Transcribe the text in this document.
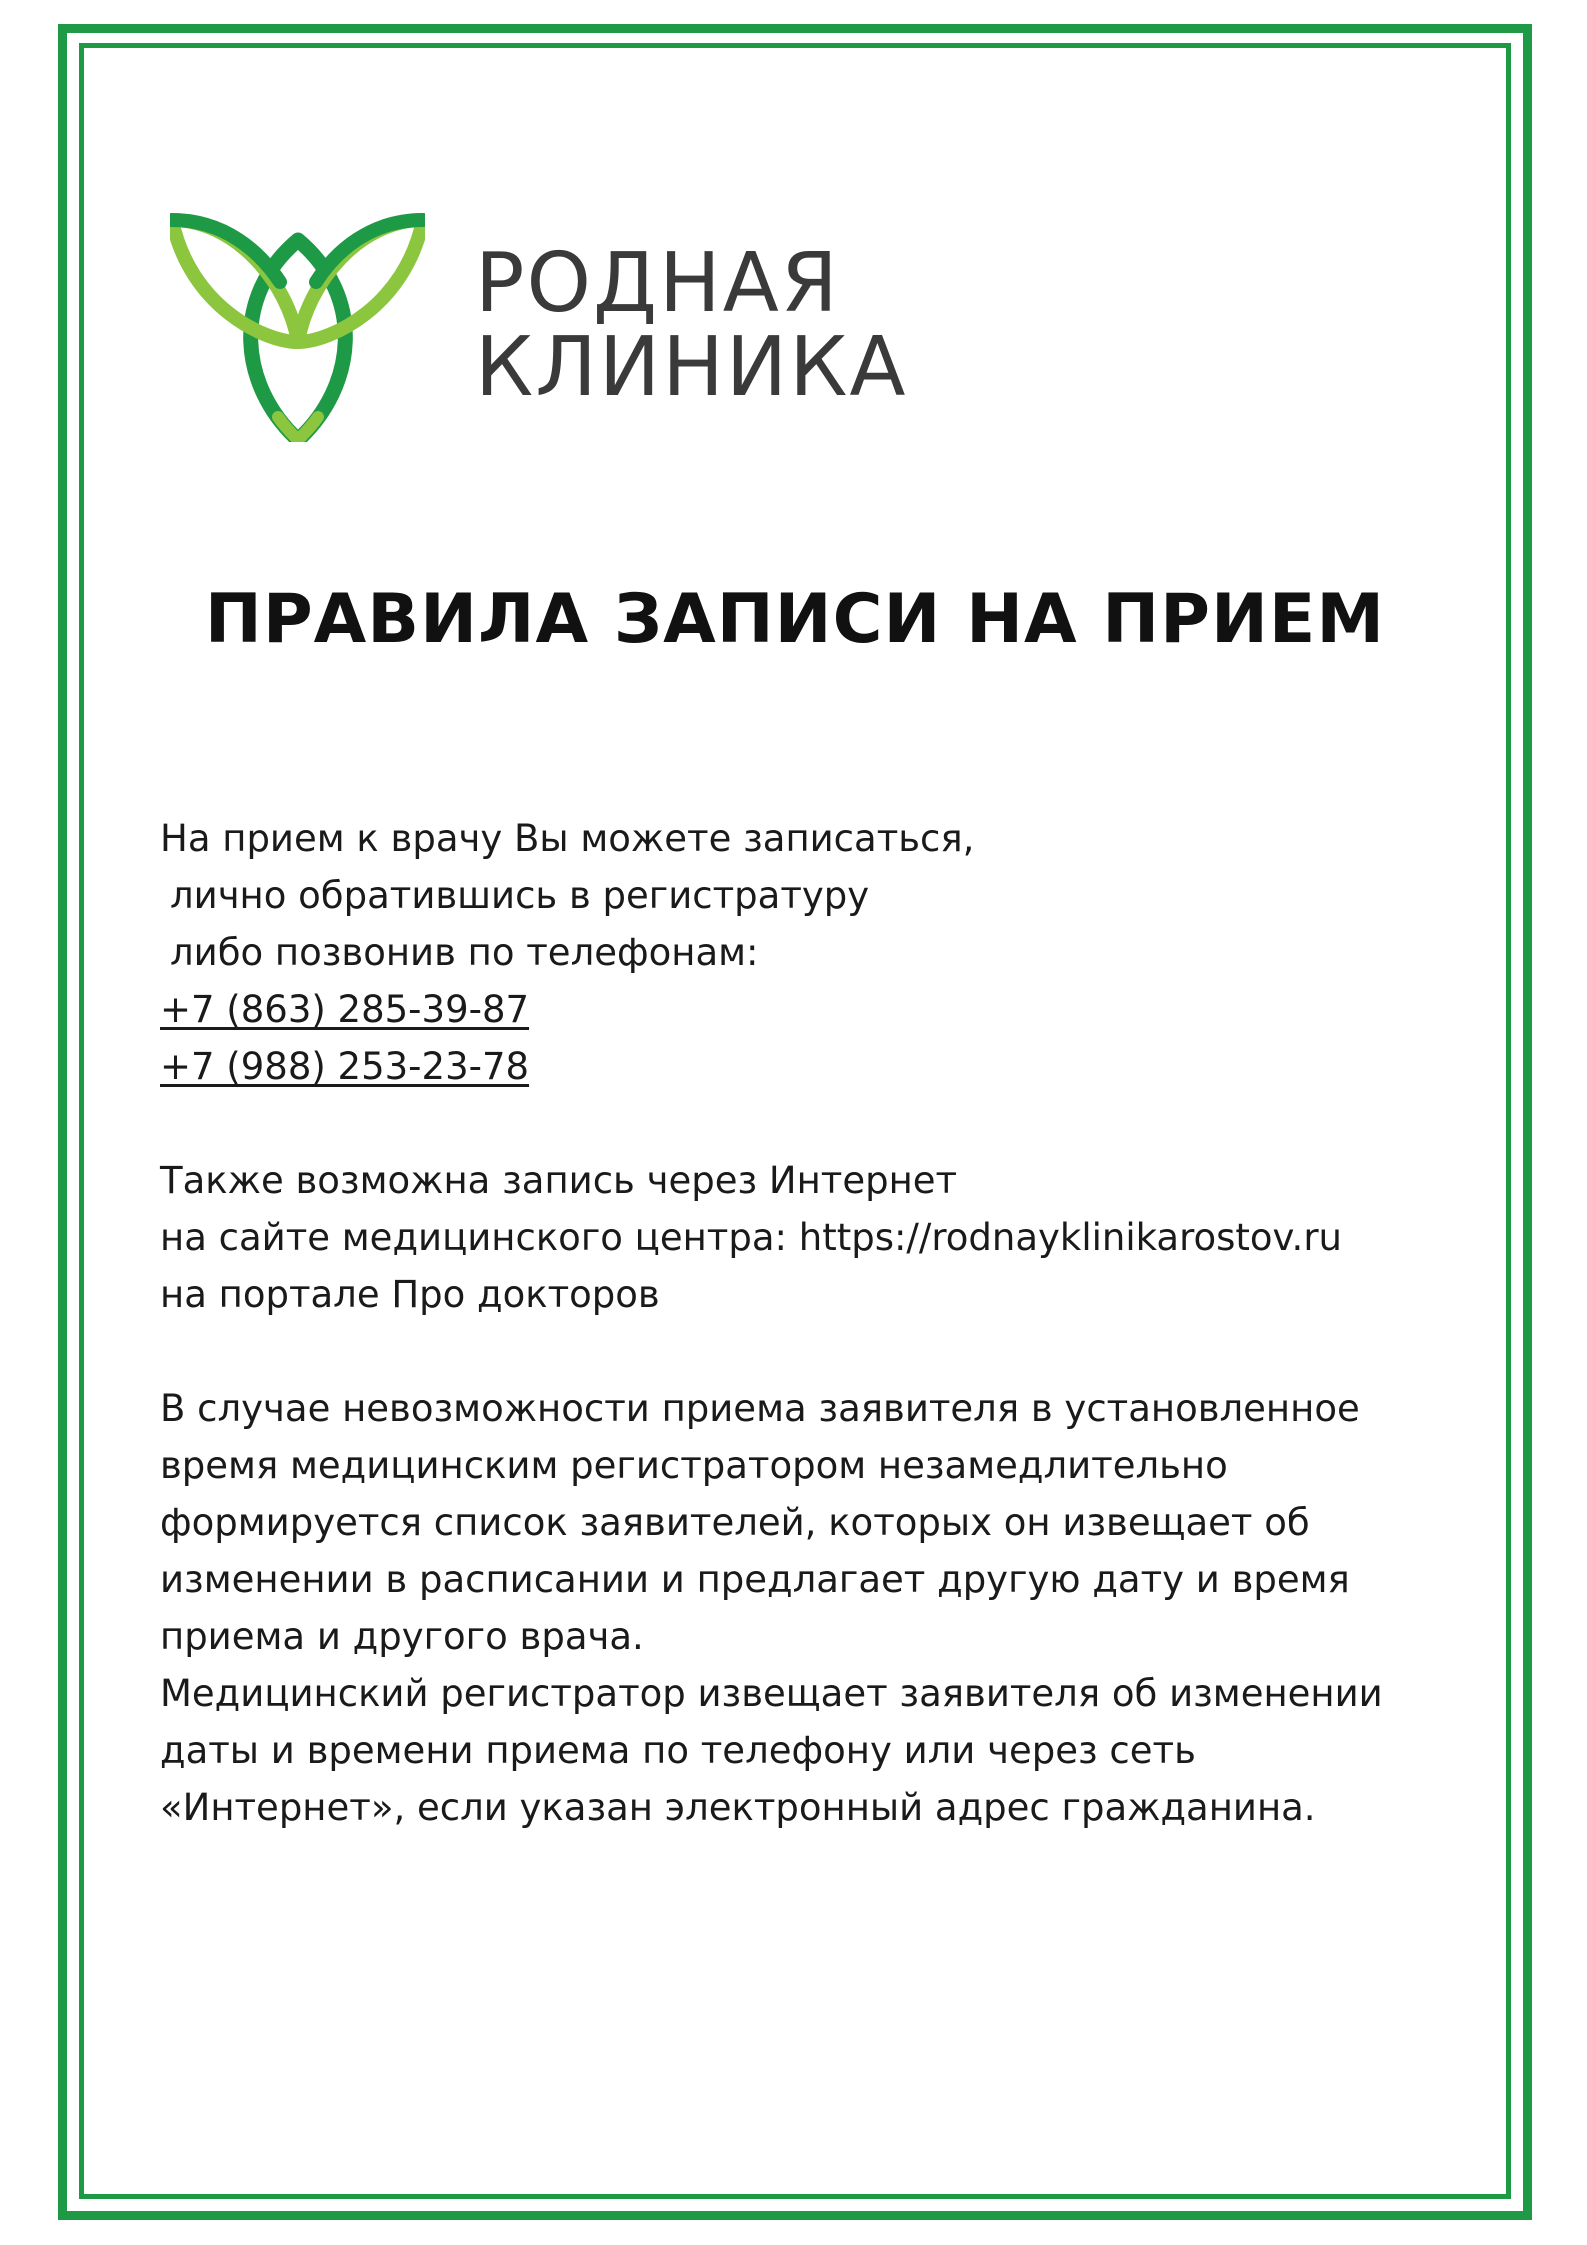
РОДНАЯ
КЛИНИКА
ПРАВИЛА ЗАПИСИ НА ПРИЕМ
На прием к врачу Вы можете записаться,
лично обратившись в регистратуру
либо позвонив по телефонам:
+7 (863) 285-39-87
+7 (988) 253-23-78
Также возможна запись через Интернет
на сайте медицинского центра: https://rodnayklinikarostov.ru
на портале Про докторов
В случае невозможности приема заявителя в установленное
время медицинским регистратором незамедлительно
формируется список заявителей, которых он извещает об
изменении в расписании и предлагает другую дату и время
приема и другого врача.
Медицинский регистратор извещает заявителя об изменении
даты и времени приема по телефону или через сеть
«Интернет», если указан электронный адрес гражданина.
